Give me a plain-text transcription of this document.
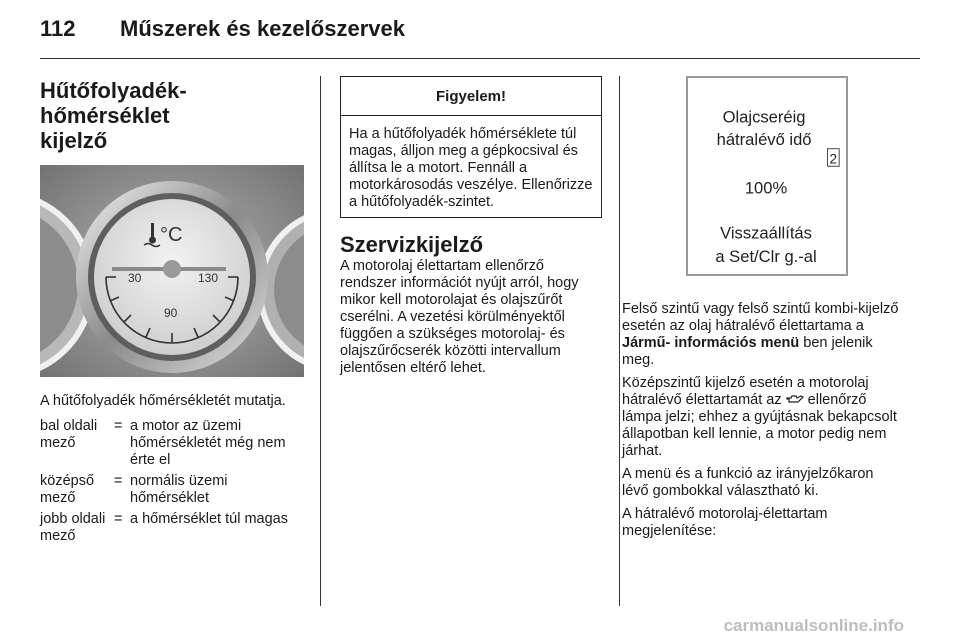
112 Műszerek és kezelőszervek
Hűtőfolyadék-hőmérséklet
kijelző
°C
30	130
90

A hűtőfolyadék hőmérsékletét mutatja.

bal oldali mező	=	a motor az üzemi hőmérsékletét még nem érte el
középső mező	=	normális üzemi hőmérséklet
jobb oldali mező	=	a hőmérséklet túl magas
Figyelem!
Ha a hűtőfolyadék hőmérséklete túl magas, álljon meg a gépkocsival és állítsa le a motort. Fennáll a motorkárosodás veszélye. Ellenőrizze a hűtőfolyadék-szintet.
Szervizkijelző

A motorolaj élettartam ellenőrző rendszer információt nyújt arról, hogy mikor kell motorolajat és olajszűrőt cserélni. A vezetési körülményektől függően a szükséges motorolaj- és olajszűrőcserék közötti intervallum jelentősen eltérő lehet.

Olajcseréig
hátralévő idő
2
100%
Visszaállítás
a Set/Clr g.-al

Felső szintű vagy felső szintű kombi-kijelző esetén az olaj hátralévő élettartama a Jármű- információs menü ben jelenik meg.

Középszintű kijelző esetén a motorolaj hátralévő élettartamát az  ellenőrző lámpa jelzi; ehhez a gyújtásnak bekapcsolt állapotban kell lennie, a motor pedig nem járhat.

A menü és a funkció az irányjelzőkaron lévő gombokkal választható ki.

A hátralévő motorolaj-élettartam megjelenítése:

carmanualsonline.info
